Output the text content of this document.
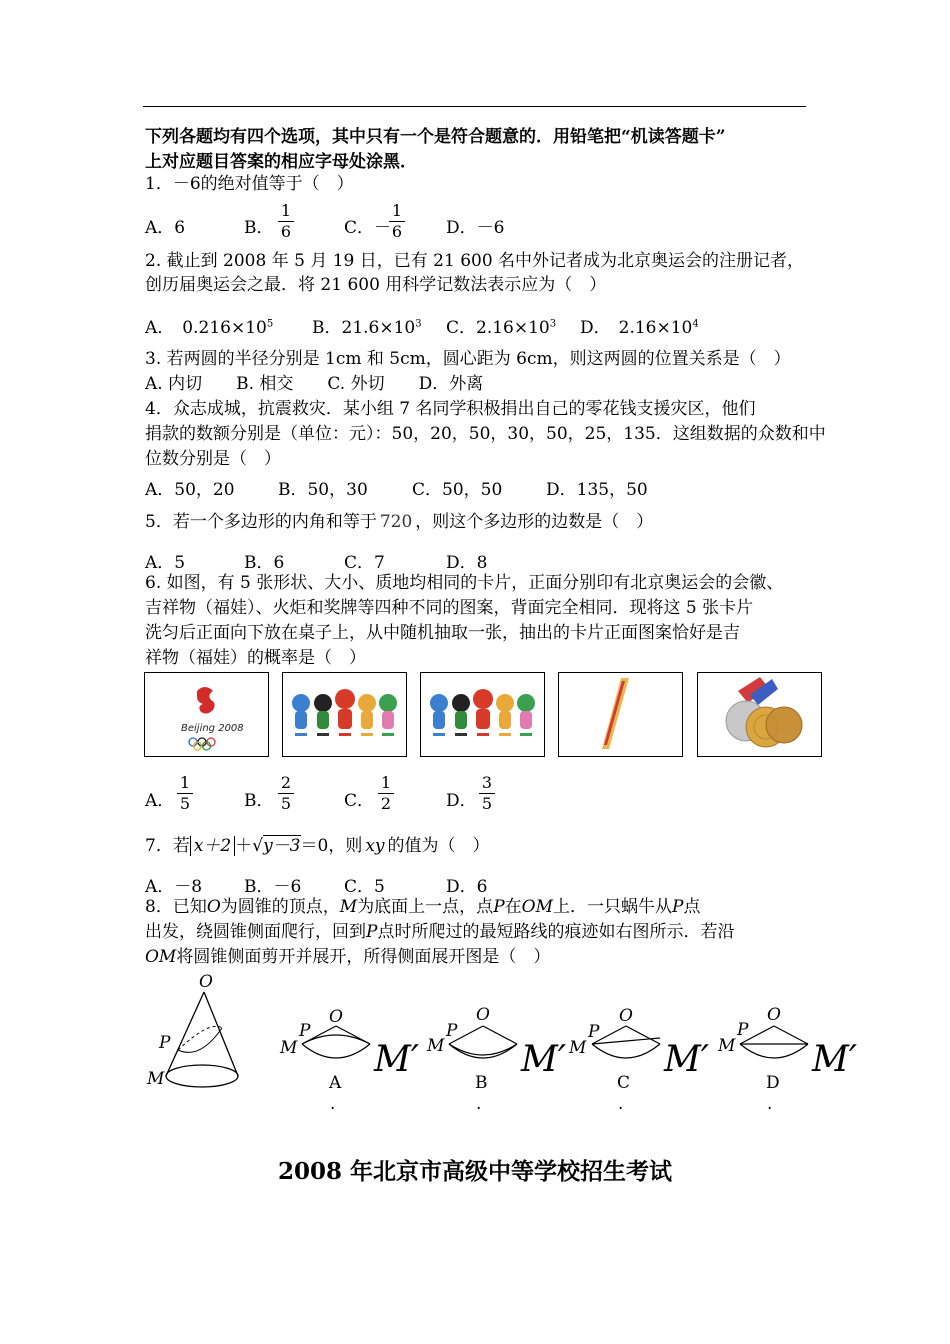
下列各题均有四个选项，其中只有一个是符合题意的．用铅笔把“机读答题卡”
上对应题目答案的相应字母处涂黑．
1．－6的绝对值等于（　）
A．6	B．
1
6	C．－
1
6	D．－6
2. 截止到 2008 年 5 月 19 日，已有 21 600 名中外记者成为北京奥运会的注册记者，
创历届奥运会之最．将 21 600 用科学记数法表示应为（　）
A． $0.216\times 10^5$ B．$21.6\times 10^3$ C．$2.16\times 10^3$ D． $2.16\times 10^4$
3. 若两圆的半径分别是 1cm 和 5cm，圆心距为 6cm，则这两圆的位置关系是（　）
A. 内切　　B. 相交　　C. 外切　　D．外离
4．众志成城，抗震救灾．某小组 7 名同学积极捐出自己的零花钱支援灾区，他们
捐款的数额分别是（单位：元）：50，20，50，30，50，25，135．这组数据的众数和中
位数分别是（　）
A．50，20	B．50，30	C．50，50	D．135，50
5．若一个多边形的内角和等于 720 ，则这个多边形的边数是（　）
A．5	B．6	C．7	D．8
6. 如图，有 5 张形状、大小、质地均相同的卡片，正面分别印有北京奥运会的会徽、
吉祥物（福娃）、火炬和奖牌等四种不同的图案，背面完全相同．现将这 5 张卡片
洗匀后正面向下放在桌子上，从中随机抽取一张，抽出的卡片正面图案恰好是吉
祥物（福娃）的概率是（　）
Beijing 2008
A．
1
5	B．
2
5	C．
1
2	D．
3
5
7．若 x＋2 ＋√y－3＝0，则 xy 的值为（　）
A．－8 B．－6	C．5	D．6
8．已知O为圆锥的顶点，M为底面上一点，点P在OM上．一只蜗牛从P点
出发，绕圆锥侧面爬行，回到P点时所爬过的最短路线的痕迹如右图所示．若沿
OM将圆锥侧面剪开并展开，所得侧面展开图是（　）
O
P
M
M
P
O
M′
A
.
M
P
O
M′
B
.
M
P
O
M′
C
.
M
P
O
M′
D
.
2008 年北京市高级中等学校招生考试
